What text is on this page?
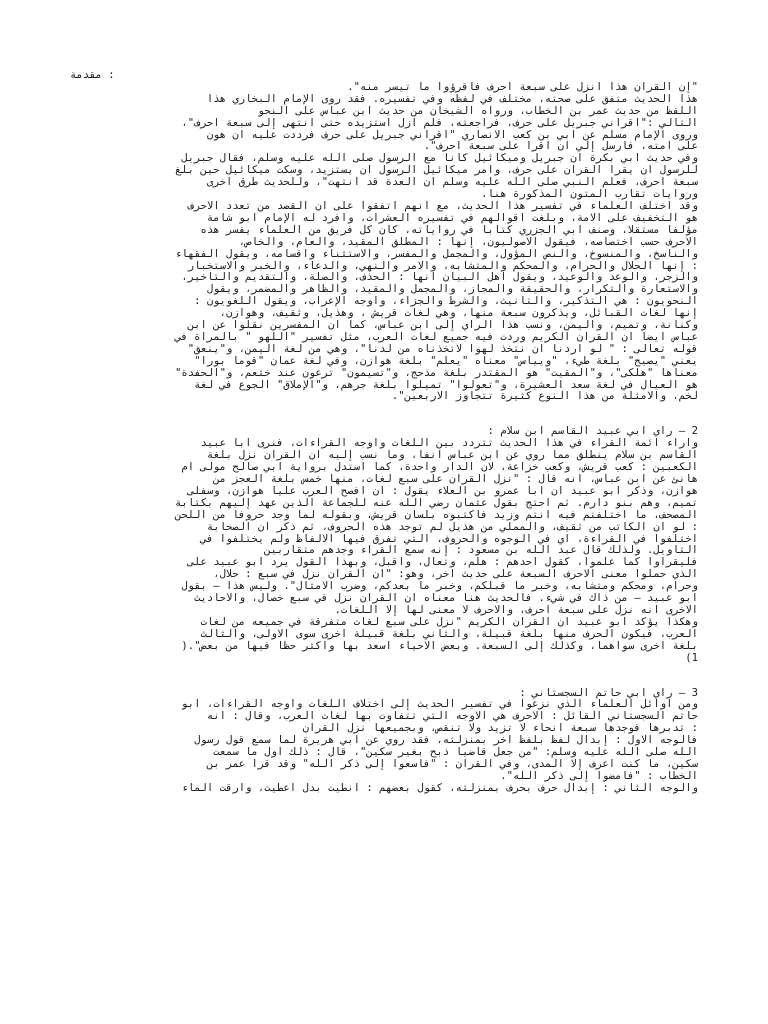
مقدمة :
"إن القرآن هذا أنزل على سبعة أحرف فاقرؤوا ما تيسر منه".
هذا الحديث متفق على صحته، مختلف في لفظه وفي تفسيره. فقد روى الإمام البخاري هذا
اللفظ من حديث عمر بن الخطاب، ورواه الشيخان من حديث ابن عباس على النحو
التالي :"أقرأني جبريل على حرف، فراجعته، فلم أزل أستزيده حتى انتهى إلى سبعة أحرف"،
وروى الإمام مسلم عن أبي بن كعب الأنصاري "أقرأني جبريل على حرف فرددت عليه أن هون
على أمته، فأرسل إلي أن أقرأ على سبعة أحرف".
وفي حديث أبي بكرة أن جبريل وميكائيل كانا مع الرسول صلى الله عليه وسلم، فقال جبريل
للرسول أن يقرأ القرآن على حرف، وأمر ميكائيل الرسول أن يستزيد، وسكت ميكائيل حين بلغ
سبعة أحرف، فعلم النبي صلى الله عليه وسلم أن العدة قد انتهت"، وللحديث طرق أخرى
وروايات تقارب المتون المذكورة هنا.
وقد اختلف العلماء في تفسير هذا الحديث، مع أنهم اتفقوا على أن القصد من تعدد الأحرف
هو التخفيف على الأمة، وبلغت أقوالهم في تفسيره العشرات، وأفرد له الإمام أبو شامة
مؤلفا مستقلا، وصنف أبي الجزري كتابا في رواياته، كان كل فريق من العلماء يفسر هذه
الأحرف حسب اختصاصه، فيقول الأصوليون، إنها : المطلق المقيد، والعام، والخاص،
والناسخ، والمنسوخ، والنص المؤول، والمجمل والمفسر، والاستثناء وأقسامه، ويقول الفقهاء
: إنها الحلال والحرام، والمحكم والمتشابه، والأمر والنهي، والدعاء، والخبر والاستخبار
والزجر، والوعد والوعيد، ويقول أهل البيان أنها : الحذف، والصلة، والتقديم والتأخير،
والاستعارة والتكرار، والحقيقة والمجاز، والمجمل والمقيد، والظاهر والمضمر، ويقول
النحويون : هي التذكير، والتأنيث، والشرط والجزاء، وأوجه الإعراب، ويقول اللغويون :
إنها لغات القبائل، ويذكرون سبعة منها، وهي لغات قريش ، وهذيل، وثقيف، وهوازن،
وكنانة، وتميم، واليمن، ونسب هذا الرأي إلى ابن عباس، كما أن المفسرين نقلوا عن ابن
عباس أيضا أن القرآن الكريم وردت فيه جميع لغات العرب، مثل تفسير "اللهو " بالمرأة في
قوله تعالى : " لو أردنا أن نتخذ لهوا لاتخذناه من لدنا"، وهي من لغة اليمن، و"ينعق"
يعني "يصيح" بلغة طيء، "وييأس" معناه "يعلم" بلغة هوازن، وفي لغة عمان "قوما بورا"
معناها "هلكى"، و"المقيت" هو المقتدر بلغة مذحج، و"تسيمون" ترعون عند خثعم، و"الحفدة"
هو العيال في لغة سعد العشيرة، و"تعولوا" تميلوا بلغة جرهم، و"الإملاق" الجوع في لغة
لخم، والأمثلة من هذا النوع كثيرة تتجاوز الأربعين".
2 – رأي أبي عبيد القاسم ابن سلام :
وآراء أئمة القراء في هذا الحديث تتردد بين اللغات وأوجه القراءات، فنرى أبا عبيد
القاسم بن سلام ينطلق مما روي عن ابن عباس آنفا، وما نسب إليه أن القرآن نزل بلغة
الكعبين : كعب قريش، وكعب خزاعة، لأن الدار واحدة، كما استدل برواية أبي صالح مولى أم
هانئ عن ابن عباس، أنه قال : "نزل القرآن على سبع لغات، منها خمس بلغة العجز من
هوازن، وذكر أبو عبيد أن أبا عمرو بن العلاء يقول : أن أفصح العرب عليا هوازن، وسفلى
تميم، وهم بنو دارم. ثم احتج بقول عثمان رضي الله عنه للجماعة الذين عهد إليهم بكتابة
المصحف، ما اختلفتم فيه أنتم وزيد فاكتبوه بلسان قريش، وبقوله لما وجد حروفا من اللحن
: لو أن الكاتب من ثقيف، والمملي من هذيل لم توجد هذه الحروف، ثم ذكر أن الصحابة
اختلفوا في القراءة، أي في الوجوه والحروف، التي تفرق فيها الألفاظ ولم يختلفوا في
التأويل. ولذلك قال عبد الله بن مسعود : إنه سمع القراء وجدهم متقاربين
فليقرأوا كما علموا، كقول أحدهم : هلم، وتعال، وأقبل، وبهذا القول يرد أبو عبيد على
الذي حملوا معنى الأحرف السبعة على حديث آخر، وهو: "أن القرآن نزل في سبع : حلال،
وحرام، ومحكم ومتشابه، وخبر ما قبلكم، وخبر ما بعدكم، وضرب الأمثال". وليس هذا – بقول
أبو عبيد – من ذاك في شيء. فالحديث هنا معناه أن القرآن نزل في سبع خصال، والأحاديث
الأخرى أنه نزل على سبعة أحرف، والأحرف لا معنى لها إلا اللغات.
وهكذا يؤكد أبو عبيد أن القرآن الكريم "نزل على سبع لغات متفرقة في جميعه من لغات
العرب، فيكون الحرف منها بلغة قبيلة، والثاني بلغة قبيلة أخرى سوى الأولى، والثالث
بلغة أخرى سواهما، وكذلك إلى السبعة. وبعض الأحياء أسعد بها وأكثر حظا فيها من بعض".(
1)
3 – رأي أبي حاتم السجستاني :
ومن أوائل العلماء الذي نزعوا في تفسير الحديث إلى اختلاف اللغات وأوجه القراءات، أبو
حاتم السجستاني القائل : الأحرف هي الأوجه التي تتفاوت بها لغات العرب، وقال : أنه
: تدبرها فوجدها سبعة أنحاء لا تزيد ولا تنقص، وبجميعها نزل القرآن
فالوجه الأول : إبدال لفظ بلفظ آخر بمنزلته، فقد روي عن أبي هريرة لما سمع قول رسول
الله صلى الله عليه وسلم: "من جعل قاضيا ذبح بغير سكين"، قال : ذلك أول ما سمعت
سكين، ما كنت أعرف إلا المدى، وفي القرآن : "فاسعوا إلى ذكر الله" وقد قرأ عمر بن
الخطاب : "فامضوا إلى ذكر الله".
والوجه الثاني : إبدال حرف بحرف بمنزلته، كقول بعضهم : أنطيت بدل أعطيت، وأرقت الماء
